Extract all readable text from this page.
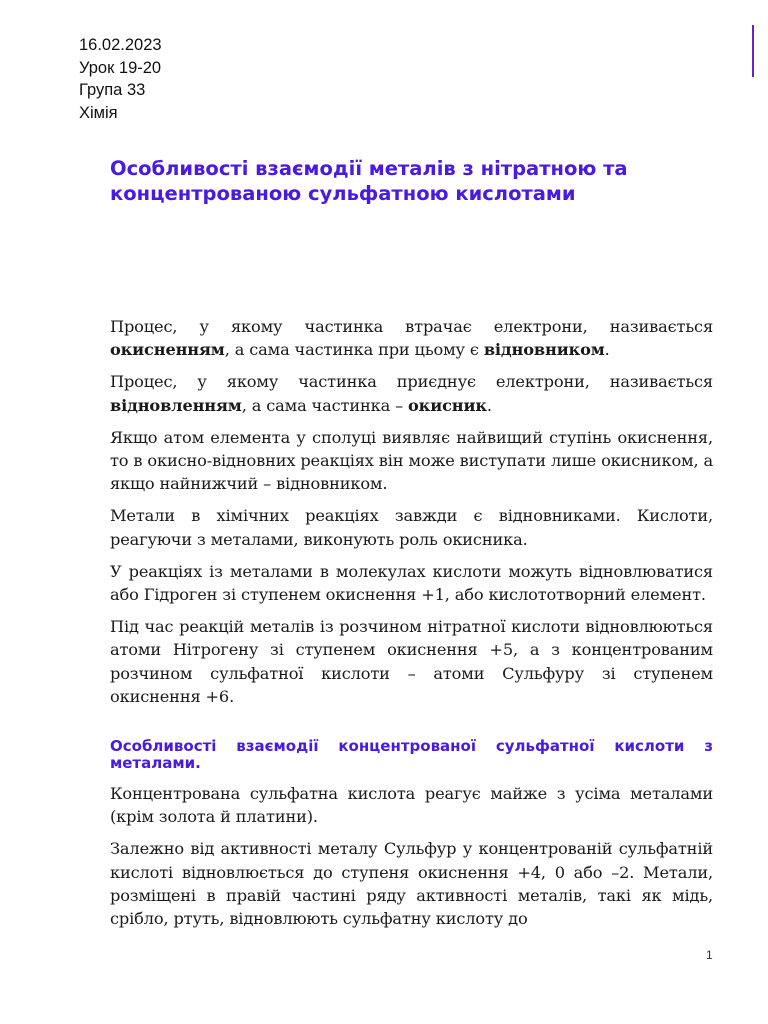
16.02.2023
Урок 19-20
Група 33
Хімія
Особливості взаємодії металів з нітратною та концентрованою сульфатною кислотами

Процес, у якому частинка втрачає електрони, називається окисненням, а сама частинка при цьому є відновником.

Процес, у якому частинка приєднує електрони, називається відновленням, а сама частинка – окисник.

Якщо атом елемента у сполуці виявляє найвищий ступінь окиснення, то в окисно-відновних реакціях він може виступати лише окисником, а якщо найнижчий – відновником.

Метали в хімічних реакціях завжди є відновниками. Кислоти, реагуючи з металами, виконують роль окисника.

У реакціях із металами в молекулах кислоти можуть відновлюватися або Гідроген зі ступенем окиснення +1, або кислототворний елемент.

Під час реакцій металів із розчином нітратної кислоти відновлюються атоми Нітрогену зі ступенем окиснення +5, а з концентрованим розчином сульфатної кислоти – атоми Сульфуру зі ступенем окиснення +6.

Особливості взаємодії концентрованої сульфатної кислоти з металами.

Концентрована сульфатна кислота реагує майже з усіма металами (крім золота й платини).

Залежно від активності металу Сульфур у концентрованій сульфатній кислоті відновлюється до ступеня окиснення +4, 0 або –2. Метали, розміщені в правій частині ряду активності металів, такі як мідь, срібло, ртуть, відновлюють сульфатну кислоту до

1
